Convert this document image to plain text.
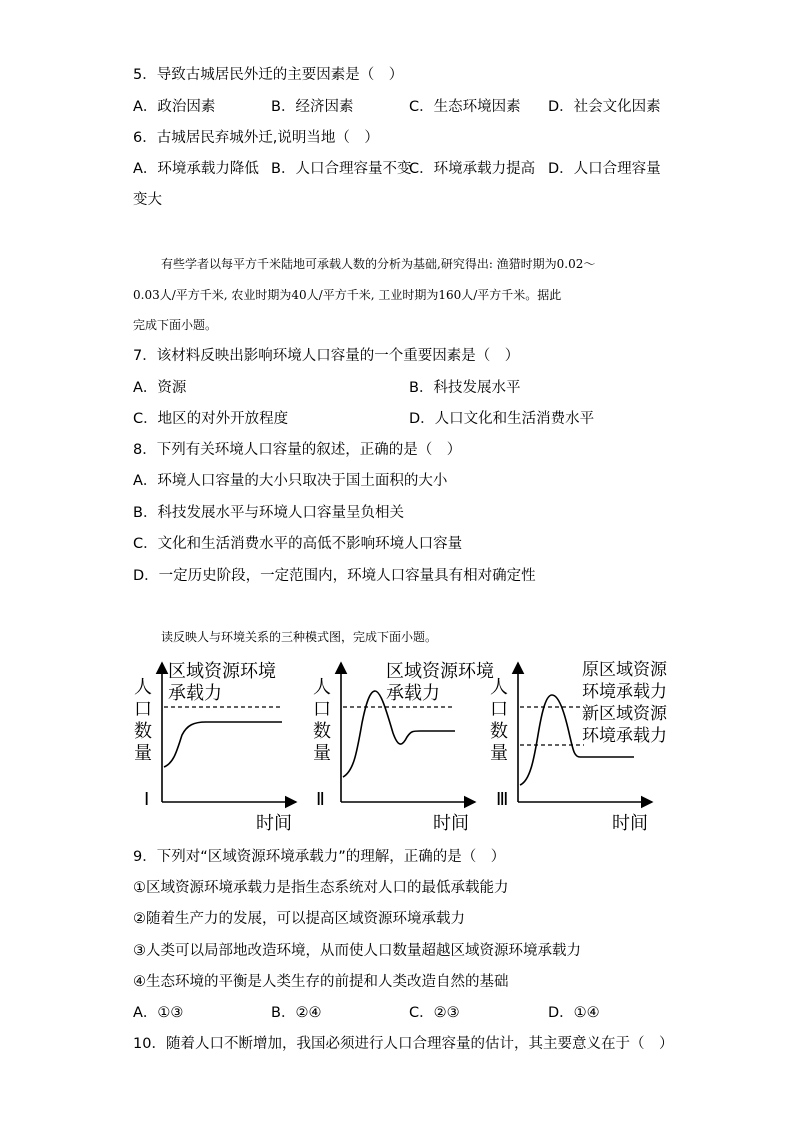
5．导致古城居民外迁的主要因素是（　）
A．政治因素	B．经济因素	C．生态环境因素 D．社会文化因素
6．古城居民弃城外迁,说明当地（　）
A．环境承载力降低 B．人口合理容量不变
C．环境承载力提高 D．人口合理容量
变大
有些学者以每平方千米陆地可承载人数的分析为基础,研究得出: 渔猎时期为0.02～
0.03人/平方千米, 农业时期为40人/平方千米, 工业时期为160人/平方千米。据此
完成下面小题。
7．该材料反映出影响环境人口容量的一个重要因素是（　）
A．资源	B．科技发展水平
C．地区的对外开放程度	D．人口文化和生活消费水平
8．下列有关环境人口容量的叙述，正确的是（　）
A．环境人口容量的大小只取决于国土面积的大小
B．科技发展水平与环境人口容量呈负相关
C．文化和生活消费水平的高低不影响环境人口容量
D．一定历史阶段，一定范围内，环境人口容量具有相对确定性
读反映人与环境关系的三种模式图，完成下面小题。
人
口
数
量
区域资源环境
承载力
Ⅰ
时间
人
口
数
量
区域资源环境
承载力
Ⅱ
时间
人
口
数
量
原区域资源
环境承载力
新区域资源
环境承载力
Ⅲ
时间
9．下列对“区域资源环境承载力”的理解，正确的是（　）
①区域资源环境承载力是指生态系统对人口的最低承载能力
②随着生产力的发展，可以提高区域资源环境承载力
③人类可以局部地改造环境，从而使人口数量超越区域资源环境承载力
④生态环境的平衡是人类生存的前提和人类改造自然的基础
A．①③	B．②④	C．②③	D．①④
10．随着人口不断增加，我国必须进行人口合理容量的估计，其主要意义在于（　）
